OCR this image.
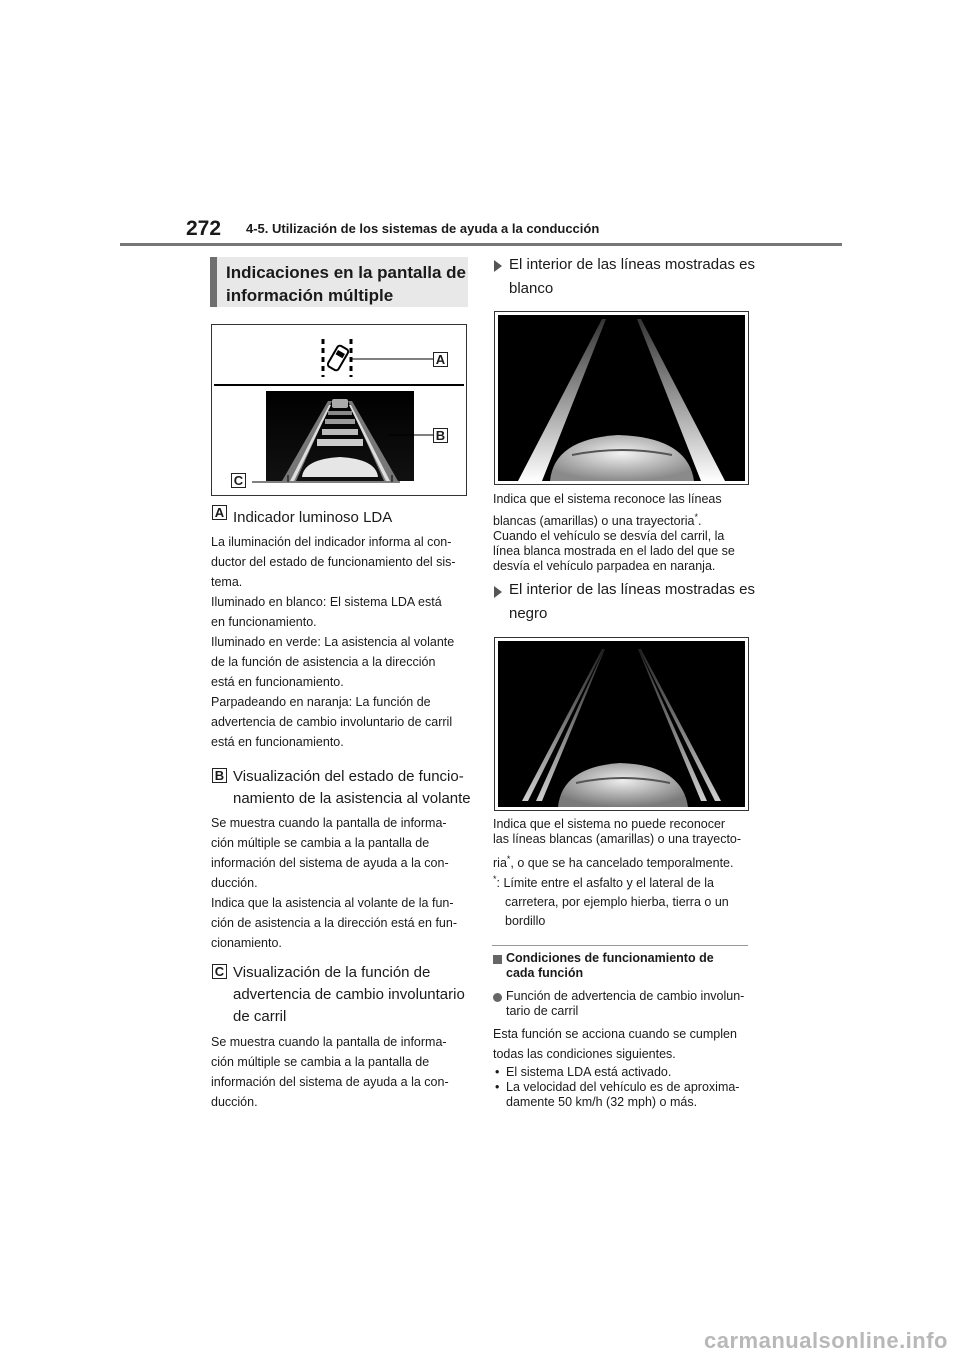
272 4-5. Utilización de los sistemas de ayuda a la conducción
Indicaciones en la pantalla de
información múltiple
A
B
C
A Indicador luminoso LDA
La iluminación del indicador informa al con-
ductor del estado de funcionamiento del sis-
tema.
Iluminado en blanco: El sistema LDA está
en funcionamiento.
Iluminado en verde: La asistencia al volante
de la función de asistencia a la dirección
está en funcionamiento.
Parpadeando en naranja: La función de
advertencia de cambio involuntario de carril
está en funcionamiento.
B Visualización del estado de funcio-
namiento de la asistencia al volante
Se muestra cuando la pantalla de informa-
ción múltiple se cambia a la pantalla de
información del sistema de ayuda a la con-
ducción.
Indica que la asistencia al volante de la fun-
ción de asistencia a la dirección está en fun-
cionamiento.
C Visualización de la función de
advertencia de cambio involuntario
de carril
Se muestra cuando la pantalla de informa-
ción múltiple se cambia a la pantalla de
información del sistema de ayuda a la con-
ducción.
El interior de las líneas mostradas es
blanco
Indica que el sistema reconoce las líneas
blancas (amarillas) o una trayectoria*.
Cuando el vehículo se desvía del carril, la
línea blanca mostrada en el lado del que se
desvía el vehículo parpadea en naranja.
El interior de las líneas mostradas es
negro
Indica que el sistema no puede reconocer
las líneas blancas (amarillas) o una trayecto-
ria*, o que se ha cancelado temporalmente.
*: Límite entre el asfalto y el lateral de la
carretera, por ejemplo hierba, tierra o un
bordillo
Condiciones de funcionamiento de
cada función
Función de advertencia de cambio involun-
tario de carril
Esta función se acciona cuando se cumplen
todas las condiciones siguientes.
• El sistema LDA está activado.
• La velocidad del vehículo es de aproxima-
damente 50 km/h (32 mph) o más.
carmanualsonline.info
